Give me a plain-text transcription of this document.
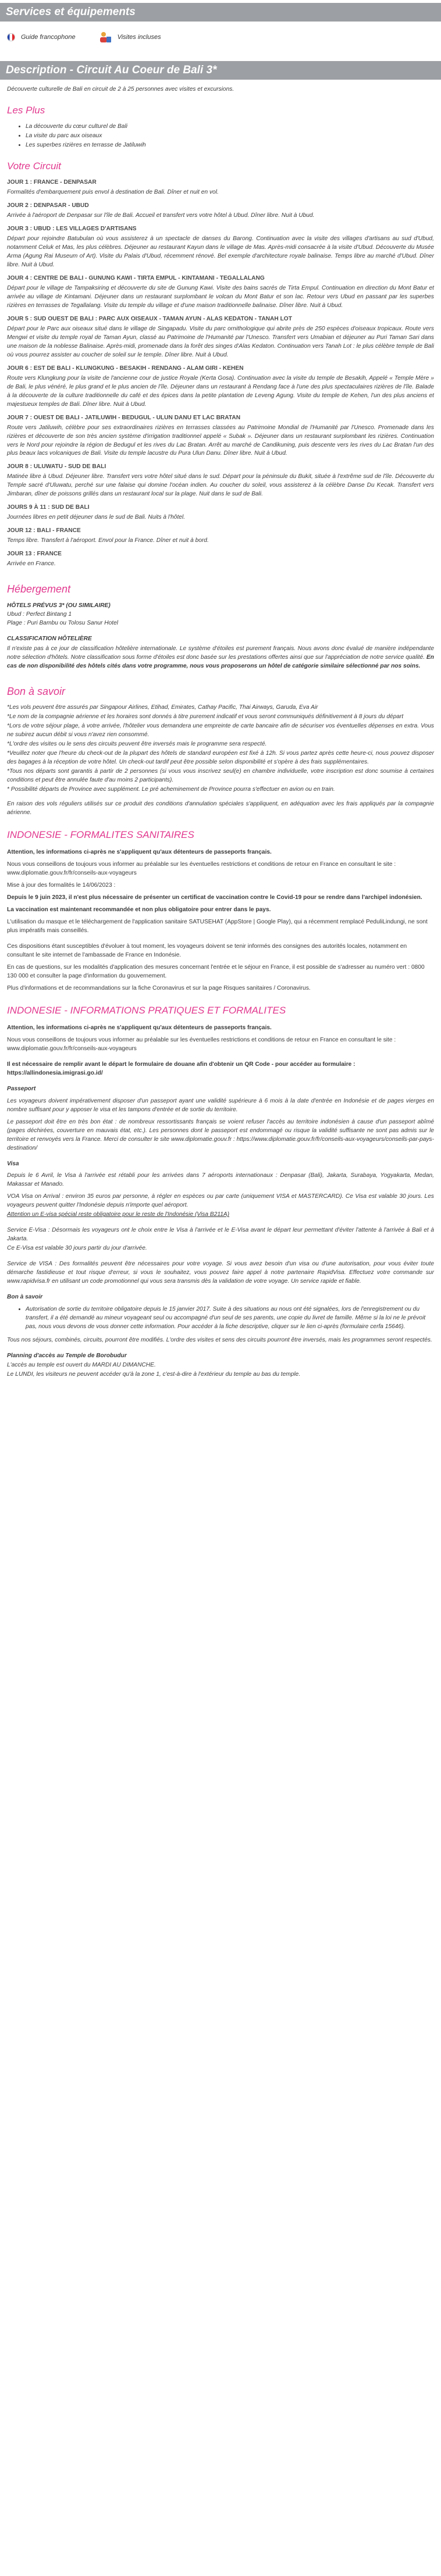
Services et équipements
Guide francophone	Visites incluses
Description - Circuit Au Coeur de Bali 3*

Découverte culturelle de Bali en circuit de 2 à 25 personnes avec visites et excursions.

Les Plus
• La découverte du cœur culturel de Bali
• La visite du parc aux oiseaux
• Les superbes rizières en terrasse de Jatiluwih
Votre Circuit
JOUR 1 : FRANCE - DENPASAR

Formalités d'embarquement puis envol à destination de Bali. Dîner et nuit en vol.

JOUR 2 : DENPASAR - UBUD

Arrivée à l'aéroport de Denpasar sur l'île de Bali. Accueil et transfert vers votre hôtel à Ubud. Dîner libre. Nuit à Ubud.

JOUR 3 : UBUD : LES VILLAGES D'ARTISANS

Départ pour rejoindre Batubulan où vous assisterez à un spectacle de danses du Barong. Continuation avec la visite des villages d'artisans au sud d'Ubud, notamment Celuk et Mas, les plus célèbres. Déjeuner au restaurant Kayun dans le village de Mas. Après-midi consacrée à la visite d'Ubud. Découverte du Musée Arma (Agung Rai Museum of Art). Visite du Palais d'Ubud, récemment rénové. Bel exemple d'architecture royale balinaise. Temps libre au marché d'Ubud. Dîner libre. Nuit à Ubud.

JOUR 4 : CENTRE DE BALI - GUNUNG KAWI - TIRTA EMPUL - KINTAMANI - TEGALLALANG

Départ pour le village de Tampaksiring et découverte du site de Gunung Kawi. Visite des bains sacrés de Tirta Empul. Continuation en direction du Mont Batur et arrivée au village de Kintamani. Déjeuner dans un restaurant surplombant le volcan du Mont Batur et son lac. Retour vers Ubud en passant par les superbes rizières en terrasses de Tegallalang. Visite du temple du village et d'une maison traditionnelle balinaise. Dîner libre. Nuit à Ubud.

JOUR 5 : SUD OUEST DE BALI : PARC AUX OISEAUX - TAMAN AYUN - ALAS KEDATON - TANAH LOT

Départ pour le Parc aux oiseaux situé dans le village de Singapadu. Visite du parc ornithologique qui abrite près de 250 espèces d'oiseaux tropicaux. Route vers Mengwi et visite du temple royal de Taman Ayun, classé au Patrimoine de l'Humanité par l'Unesco. Transfert vers Umabian et déjeuner au Puri Taman Sari dans une maison de la noblesse Balinaise. Après-midi, promenade dans la forêt des singes d'Alas Kedaton. Continuation vers Tanah Lot : le plus célèbre temple de Bali où vous pourrez assister au coucher de soleil sur le temple. Dîner libre. Nuit à Ubud.

JOUR 6 : EST DE BALI - KLUNGKUNG - BESAKIH - RENDANG - ALAM GIRI - KEHEN

Route vers Klungkung pour la visite de l'ancienne cour de justice Royale (Kerta Gosa). Continuation avec la visite du temple de Besakih, Appelé « Temple Mère » de Bali, le plus vénéré, le plus grand et le plus ancien de l'île. Déjeuner dans un restaurant à Rendang face à l'une des plus spectaculaires rizières de l'île. Balade à la découverte de la culture traditionnelle du café et des épices dans la petite plantation de Leveng Agung. Visite du temple de Kehen, l'un des plus anciens et majestueux temples de Bali. Dîner libre. Nuit à Ubud.

JOUR 7 : OUEST DE BALI - JATILUWIH - BEDUGUL - ULUN DANU ET LAC BRATAN

Route vers Jatiluwih, célèbre pour ses extraordinaires rizières en terrasses classées au Patrimoine Mondial de l'Humanité par l'Unesco. Promenade dans les rizières et découverte de son très ancien système d'irrigation traditionnel appelé « Subak ». Déjeuner dans un restaurant surplombant les rizières. Continuation vers le Nord pour rejoindre la région de Bedugul et les rives du Lac Bratan. Arrêt au marché de Candikuning, puis descente vers les rives du Lac Bratan l'un des plus beaux lacs volcaniques de Bali. Visite du temple lacustre du Pura Ulun Danu. Dîner libre. Nuit à Ubud.

JOUR 8 : ULUWATU - SUD DE BALI

Matinée libre à Ubud. Déjeuner libre. Transfert vers votre hôtel situé dans le sud. Départ pour la péninsule du Bukit, située à l'extrême sud de l'île. Découverte du Temple sacré d'Uluwatu, perché sur une falaise qui domine l'océan indien. Au coucher du soleil, vous assisterez à la célèbre Danse Du Kecak. Transfert vers Jimbaran, dîner de poissons grillés dans un restaurant local sur la plage. Nuit dans le sud de Bali.

JOURS 9 À 11 : SUD DE BALI

Journées libres en petit déjeuner dans le sud de Bali. Nuits à l'hôtel.

JOUR 12 : BALI - FRANCE

Temps libre. Transfert à l'aéroport. Envol pour la France. Dîner et nuit à bord.

JOUR 13 : FRANCE

Arrivée en France.

Hébergement

HÔTELS PRÉVUS 3* (OU SIMILAIRE)

Ubud : Perfect Bintang 1

Plage : Puri Bambu ou Tolosu Sanur Hotel

CLASSIFICATION HÔTELIÈRE

Il n'existe pas à ce jour de classification hôtelière internationale. Le système d'étoiles est purement français. Nous avons donc évalué de manière indépendante notre sélection d'hôtels. Notre classification sous forme d'étoiles est donc basée sur les prestations offertes ainsi que sur l'appréciation de notre service qualité. En cas de non disponibilité des hôtels cités dans votre programme, nous vous proposerons un hôtel de catégorie similaire sélectionné par nos soins.

Bon à savoir

*Les vols peuvent être assurés par Singapour Airlines, Etihad, Emirates, Cathay Pacific, Thai Airways, Garuda, Eva Air

*Le nom de la compagnie aérienne et les horaires sont donnés à titre purement indicatif et vous seront communiqués définitivement à 8 jours du départ

*Lors de votre séjour plage, à votre arrivée, l'hôtelier vous demandera une empreinte de carte bancaire afin de sécuriser vos éventuelles dépenses en extra. Vous ne subirez aucun débit si vous n'avez rien consommé.

*L'ordre des visites ou le sens des circuits peuvent être inversés mais le programme sera respecté.

*Veuillez noter que l'heure du check-out de la plupart des hôtels de standard européen est fixé à 12h. Si vous partez après cette heure-ci, nous pouvez disposer des bagages à la réception de votre hôtel. Un check-out tardif peut être possible selon disponibilité et s'opère à des frais supplémentaires.

*Tous nos départs sont garantis à partir de 2 personnes (si vous vous inscrivez seul(e) en chambre individuelle, votre inscription est donc soumise à certaines conditions et peut être annulée faute d'au moins 2 participants).

* Possibilité départs de Province avec supplément. Le pré acheminement de Province pourra s'effectuer en avion ou en train.

En raison des vols réguliers utilisés sur ce produit des conditions d'annulation spéciales s'appliquent, en adéquation avec les frais appliqués par la compagnie aérienne.

INDONESIE - FORMALITES SANITAIRES

Attention, les informations ci-après ne s'appliquent qu'aux détenteurs de passeports français.

Nous vous conseillons de toujours vous informer au préalable sur les éventuelles restrictions et conditions de retour en France en consultant le site : www.diplomatie.gouv.fr/fr/conseils-aux-voyageurs

Mise à jour des formalités le 14/06/2023 :

Depuis le 9 juin 2023, il n'est plus nécessaire de présenter un certificat de vaccination contre le Covid-19 pour se rendre dans l'archipel indonésien.

La vaccination est maintenant recommandée et non plus obligatoire pour entrer dans le pays.

L'utilisation du masque et le téléchargement de l'application sanitaire SATUSEHAT (AppStore | Google Play), qui a récemment remplacé PeduliLindungi, ne sont plus impératifs mais conseillés.

Ces dispositions étant susceptibles d'évoluer à tout moment, les voyageurs doivent se tenir informés des consignes des autorités locales, notamment en consultant le site internet de l'ambassade de France en Indonésie.

En cas de questions, sur les modalités d'application des mesures concernant l'entrée et le séjour en France, il est possible de s'adresser au numéro vert : 0800 130 000 et consulter la page d'information du gouvernement.

Plus d'informations et de recommandations sur la fiche Coronavirus et sur la page Risques sanitaires / Coronavirus.

INDONESIE - INFORMATIONS PRATIQUES ET FORMALITES

Attention, les informations ci-après ne s'appliquent qu'aux détenteurs de passeports français.

Nous vous conseillons de toujours vous informer au préalable sur les éventuelles restrictions et conditions de retour en France en consultant le site : www.diplomatie.gouv.fr/fr/conseils-aux-voyageurs

Il est nécessaire de remplir avant le départ le formulaire de douane afin d'obtenir un QR Code - pour accéder au formulaire : https://allindonesia.imigrasi.go.id/

Passeport

Les voyageurs doivent impérativement disposer d'un passeport ayant une validité supérieure à 6 mois à la date d'entrée en Indonésie et de pages vierges en nombre suffisant pour y apposer le visa et les tampons d'entrée et de sortie du territoire.

Le passeport doit être en très bon état : de nombreux ressortissants français se voient refuser l'accès au territoire indonésien à cause d'un passeport abîmé (pages déchirées, couverture en mauvais état, etc.). Les personnes dont le passeport est endommagé ou risque la validité suffisante ne sont pas admis sur le territoire et renvoyés vers la France. Merci de consulter le site www.diplomatie.gouv.fr : https://www.diplomatie.gouv.fr/fr/conseils-aux-voyageurs/conseils-par-pays-destination/

Visa

Depuis le 6 Avril, le Visa à l'arrivée est rétabli pour les arrivées dans 7 aéroports internationaux : Denpasar (Bali), Jakarta, Surabaya, Yogyakarta, Medan, Makassar et Manado.

VOA Visa on Arrival : environ 35 euros par personne, à régler en espèces ou par carte (uniquement VISA et MASTERCARD). Ce Visa est valable 30 jours. Les voyageurs peuvent quitter l'Indonésie depuis n'importe quel aéroport.

Attention un E-visa spécial reste obligatoire pour le reste de l'Indonésie (Visa B211A)

Service E-Visa : Désormais les voyageurs ont le choix entre le Visa à l'arrivée et le E-Visa avant le départ leur permettant d'éviter l'attente à l'arrivée à Bali et à Jakarta.

Ce E-Visa est valable 30 jours partir du jour d'arrivée.

Service de VISA : Des formalités peuvent être nécessaires pour votre voyage. Si vous avez besoin d'un visa ou d'une autorisation, pour vous éviter toute démarche fastidieuse et tout risque d'erreur, si vous le souhaitez, vous pouvez faire appel à notre partenaire RapidVisa. Effectuez votre commande sur www.rapidvisa.fr en utilisant un code promotionnel qui vous sera transmis dès la validation de votre voyage. Un service rapide et fiable.

Bon à savoir

• Autorisation de sortie du territoire obligatoire depuis le 15 janvier 2017. Suite à des situations au nous ont été signalées, lors de l'enregistrement ou du transfert, il a été demandé au mineur voyageant seul ou accompagné d'un seul de ses parents, une copie du livret de famille. Même si la loi ne le prévoit pas, nous vous devons de vous donner cette information. Pour accéder à la fiche descriptive, cliquer sur le lien ci-après (formulaire cerfa 15646).

Tous nos séjours, combinés, circuits, pourront être modifiés. L'ordre des visites et sens des circuits pourront être inversés, mais les programmes seront respectés.

Planning d'accès au Temple de Borobudur

L'accès au temple est ouvert du MARDI AU DIMANCHE.

Le LUNDI, les visiteurs ne peuvent accéder qu'à la zone 1, c'est-à-dire à l'extérieur du temple au bas du temple.
